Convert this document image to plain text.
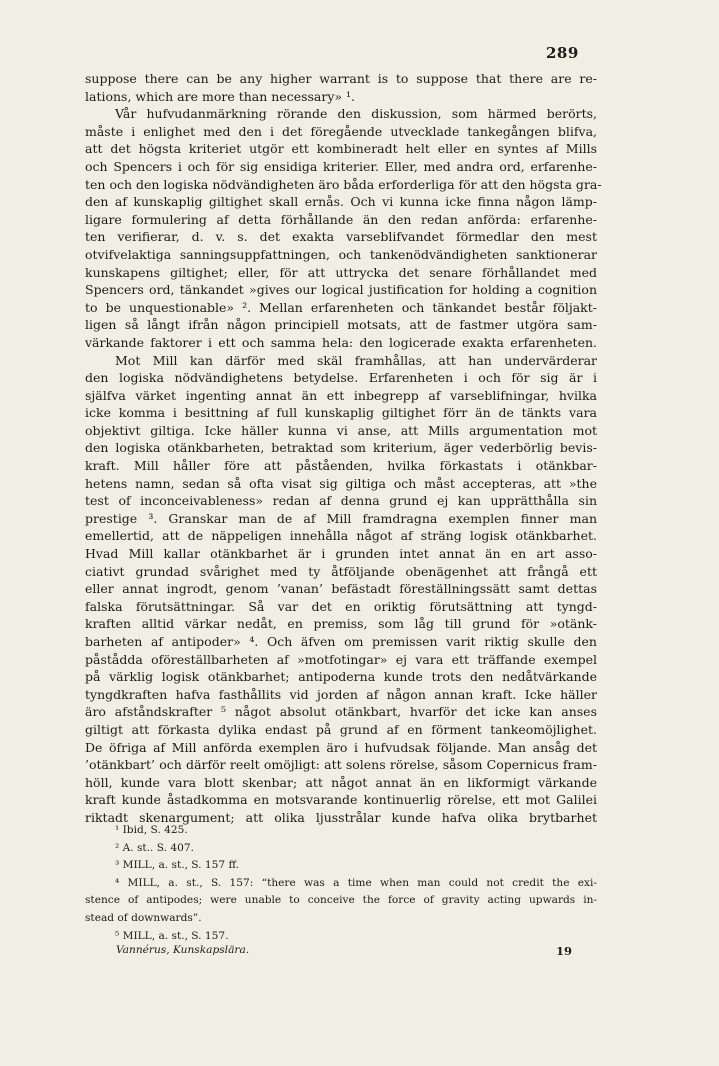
289
suppose there can be any higher warrant is to suppose that there are re-
lations, which are more than necessary» ¹.
Vår hufvudanmärkning rörande den diskussion, som härmed berörts,
måste i enlighet med den i det föregående utvecklade tankegången blifva,
att det högsta kriteriet utgör ett kombineradt helt eller en syntes af Mills
och Spencers i och för sig ensidiga kriterier. Eller, med andra ord, erfarenhe-
ten och den logiska nödvändigheten äro båda erforderliga för att den högsta gra-
den af kunskaplig giltighet skall ernås. Och vi kunna icke finna någon lämp-
ligare formulering af detta förhållande än den redan anförda: erfarenhe-
ten verifierar, d. v. s. det exakta varseblifvandet förmedlar den mest
otvifvelaktiga sanningsuppfattningen, och tankenödvändigheten sanktionerar
kunskapens giltighet; eller, för att uttrycka det senare förhållandet med
Spencers ord, tänkandet »gives our logical justification for holding a cognition
to be unquestionable» ². Mellan erfarenheten och tänkandet består följakt-
ligen så långt ifrån någon principiell motsats, att de fastmer utgöra sam-
värkande faktorer i ett och samma hela: den logicerade exakta erfarenheten.
Mot Mill kan därför med skäl framhållas, att han undervärderar
den logiska nödvändighetens betydelse. Erfarenheten i och för sig är i
själfva värket ingenting annat än ett inbegrepp af varseblifningar, hvilka
icke komma i besittning af full kunskaplig giltighet förr än de tänkts vara
objektivt giltiga. Icke häller kunna vi anse, att Mills argumentation mot
den logiska otänkbarheten, betraktad som kriterium, äger vederbörlig bevis-
kraft. Mill håller före att påståenden, hvilka förkastats i otänkbar-
hetens namn, sedan så ofta visat sig giltiga och måst accepteras, att »the
test of inconceivableness» redan af denna grund ej kan upprätthålla sin
prestige ³. Granskar man de af Mill framdragna exemplen finner man
emellertid, att de näppeligen innehålla något af sträng logisk otänkbarhet.
Hvad Mill kallar otänkbarhet är i grunden intet annat än en art asso-
ciativt grundad svårighet med ty åtföljande obenägenhet att frångå ett
eller annat ingrodt, genom ’vanan’ befästadt föreställningssätt samt dettas
falska förutsättningar. Så var det en oriktig förutsättning att tyngd-
kraften alltid värkar nedåt, en premiss, som låg till grund för »otänk-
barheten af antipoder» ⁴. Och äfven om premissen varit riktig skulle den
påstådda oföreställbarheten af »motfotingar» ej vara ett träffande exempel
på värklig logisk otänkbarhet; antipoderna kunde trots den nedåtvärkande
tyngdkraften hafva fasthållits vid jorden af någon annan kraft. Icke häller
äro afståndskrafter ⁵ något absolut otänkbart, hvarför det icke kan anses
giltigt att förkasta dylika endast på grund af en förment tankeomöjlighet.
De öfriga af Mill anförda exemplen äro i hufvudsak följande. Man ansåg det
’otänkbart’ och därför reelt omöjligt: att solens rörelse, såsom Copernicus fram-
höll, kunde vara blott skenbar; att något annat än en likformigt värkande
kraft kunde åstadkomma en motsvarande kontinuerlig rörelse, ett mot Galilei
riktadt skenargument; att olika ljusstrålar kunde hafva olika brytbarhet
¹ Ibid, S. 425.
² A. st.. S. 407.
³ MILL, a. st., S. 157 ff.
⁴ MILL, a. st., S. 157: “there was a time when man could not credit the exi-
stence of antipodes; were unable to conceive the force of gravity acting upwards in-
stead of downwards”.
⁵ MILL, a. st., S. 157.
Vannérus, Kunskapslära.	19
